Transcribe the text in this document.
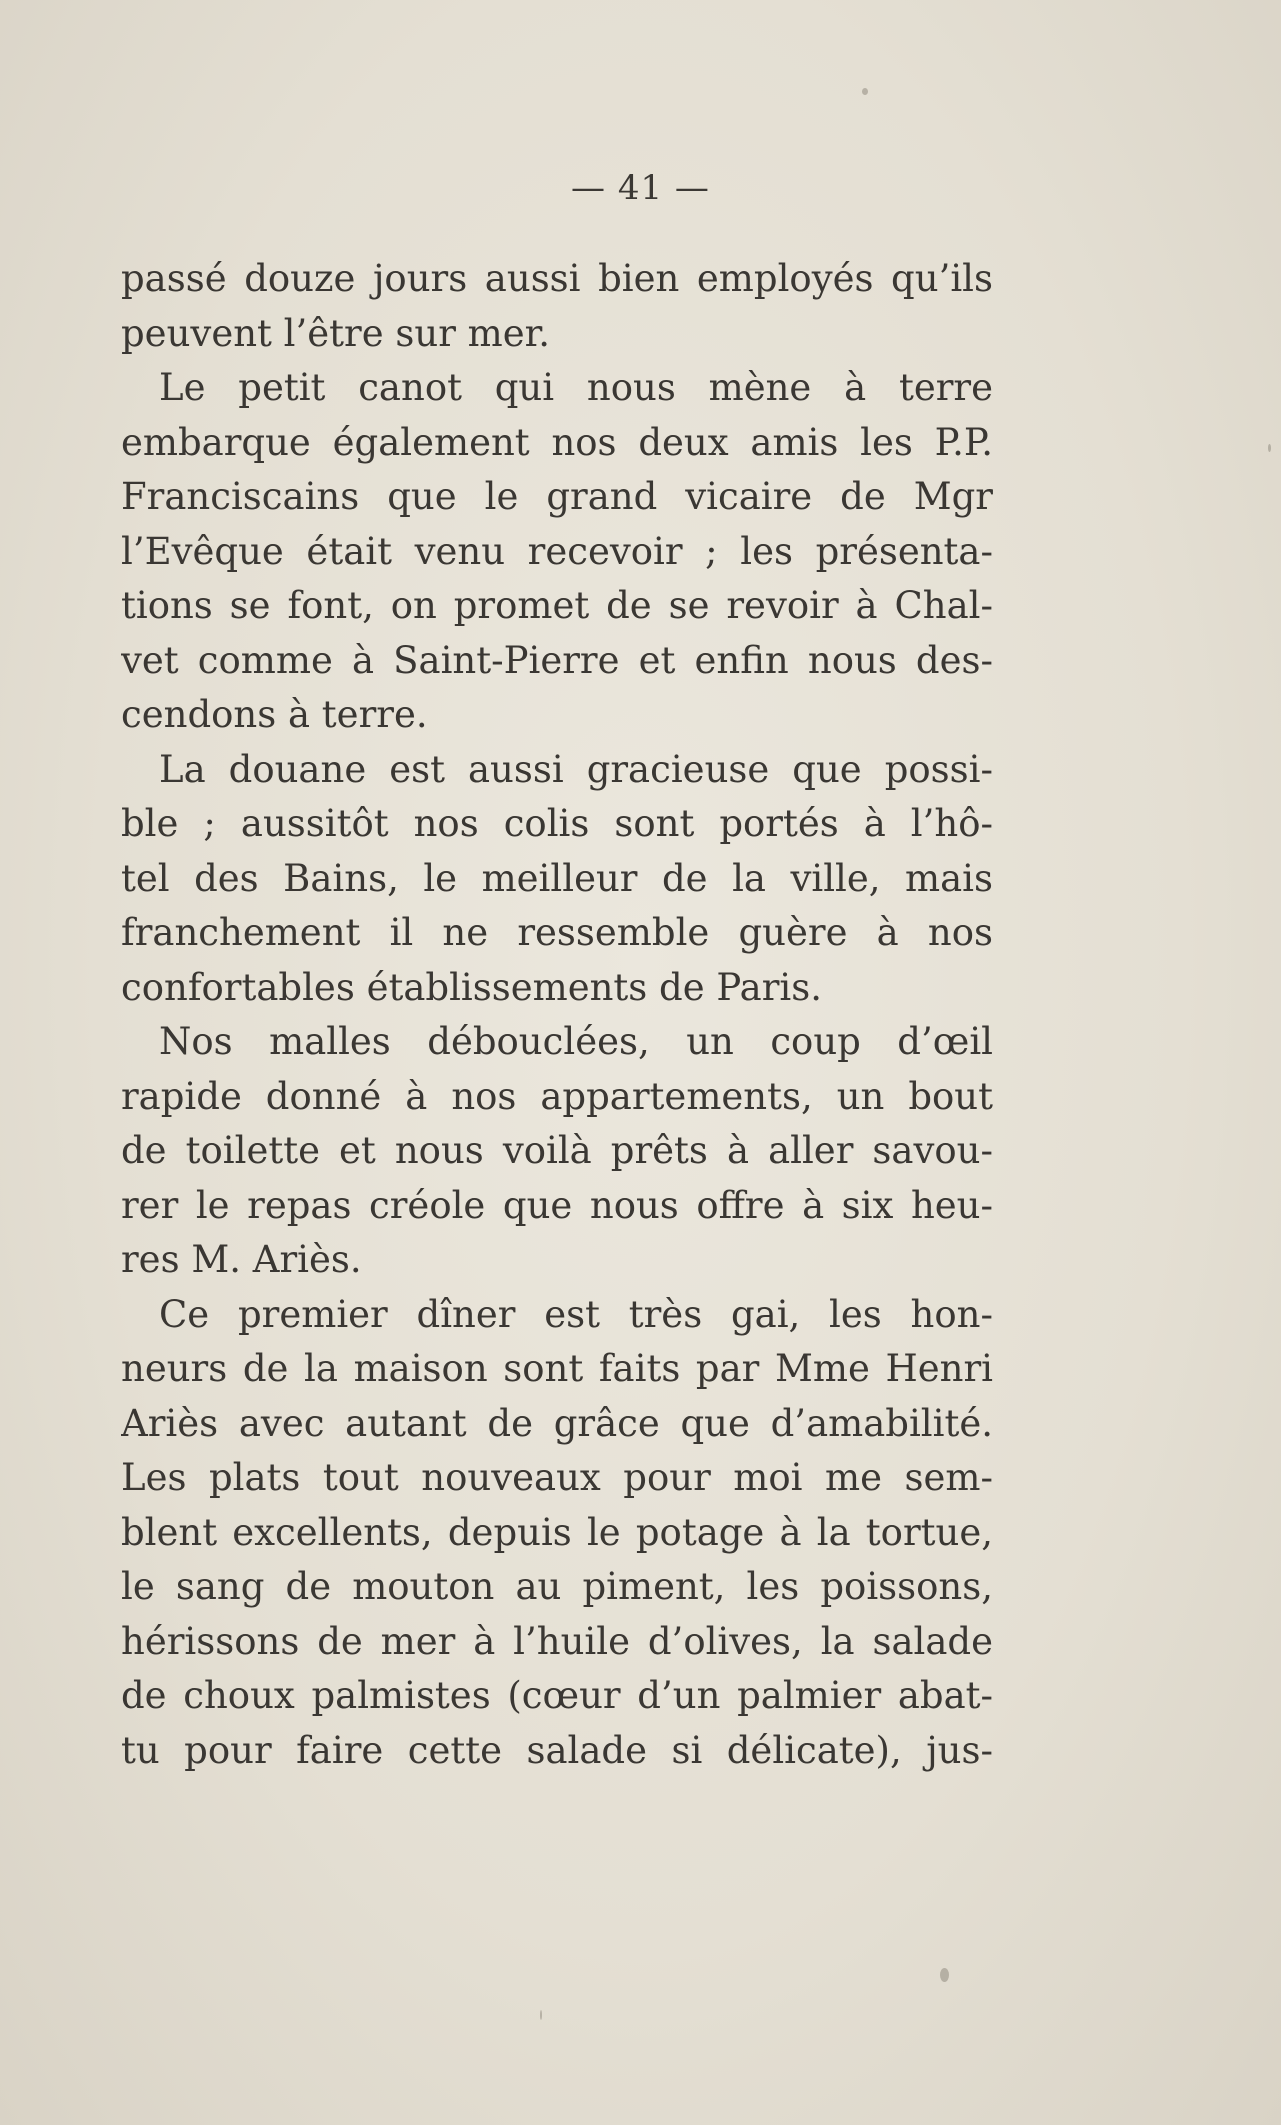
— 41 —
passé douze jours aussi bien employés qu’ils
peuvent l’être sur mer.
Le petit canot qui nous mène à terre
embarque également nos deux amis les P.P.
Franciscains que le grand vicaire de Mgr
l’Evêque était venu recevoir ; les présenta-
tions se font, on promet de se revoir à Chal-
vet comme à Saint-Pierre et enfin nous des-
cendons à terre.
La douane est aussi gracieuse que possi-
ble ; aussitôt nos colis sont portés à l’hô-
tel des Bains, le meilleur de la ville, mais
franchement il ne ressemble guère à nos
confortables établissements de Paris.
Nos malles débouclées, un coup d’œil
rapide donné à nos appartements, un bout
de toilette et nous voilà prêts à aller savou-
rer le repas créole que nous offre à six heu-
res M. Ariès.
Ce premier dîner est très gai, les hon-
neurs de la maison sont faits par Mme Henri
Ariès avec autant de grâce que d’amabilité.
Les plats tout nouveaux pour moi me sem-
blent excellents, depuis le potage à la tortue,
le sang de mouton au piment, les poissons,
hérissons de mer à l’huile d’olives, la salade
de choux palmistes (cœur d’un palmier abat-
tu pour faire cette salade si délicate), jus-
